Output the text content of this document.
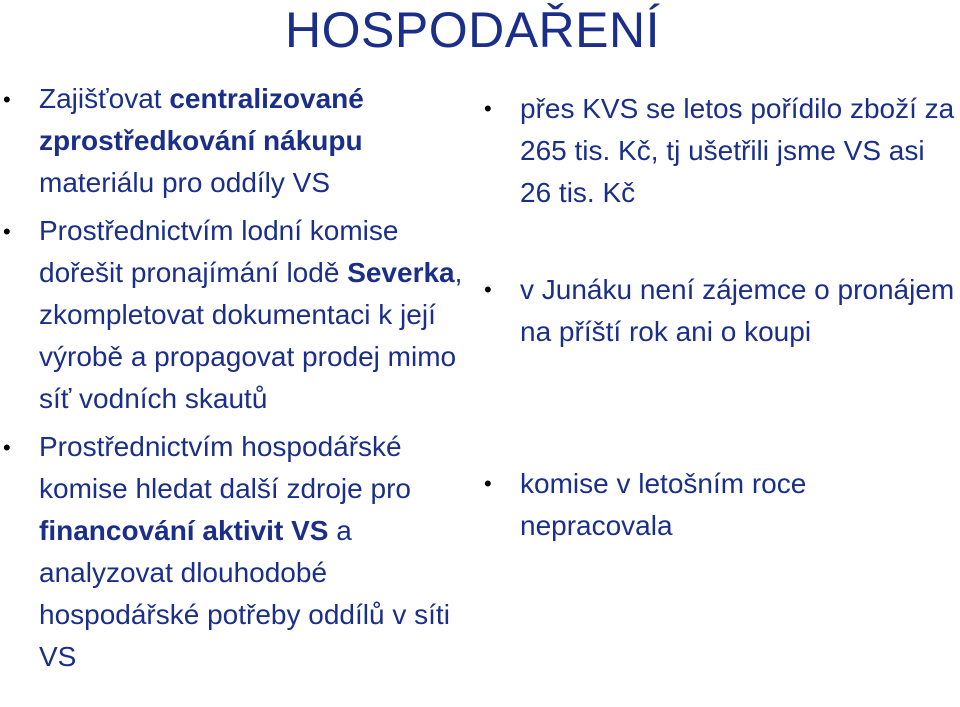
HOSPODAŘENÍ
• Zajišťovat centralizované zprostředkování nákupu materiálu pro oddíly VS
• Prostřednictvím lodní komise dořešit pronajímání lodě Severka, zkompletovat dokumentaci k její výrobě a propagovat prodej mimo síť vodních skautů
• Prostřednictvím hospodářské komise hledat další zdroje pro financování aktivit VS a analyzovat dlouhodobé hospodářské potřeby oddílů v síti VS
• přes KVS se letos pořídilo zboží za 265 tis. Kč, tj ušetřili jsme VS asi 26 tis. Kč
• v Junáku není zájemce o pronájem na příští rok ani o koupi
• komise v letošním roce nepracovala
